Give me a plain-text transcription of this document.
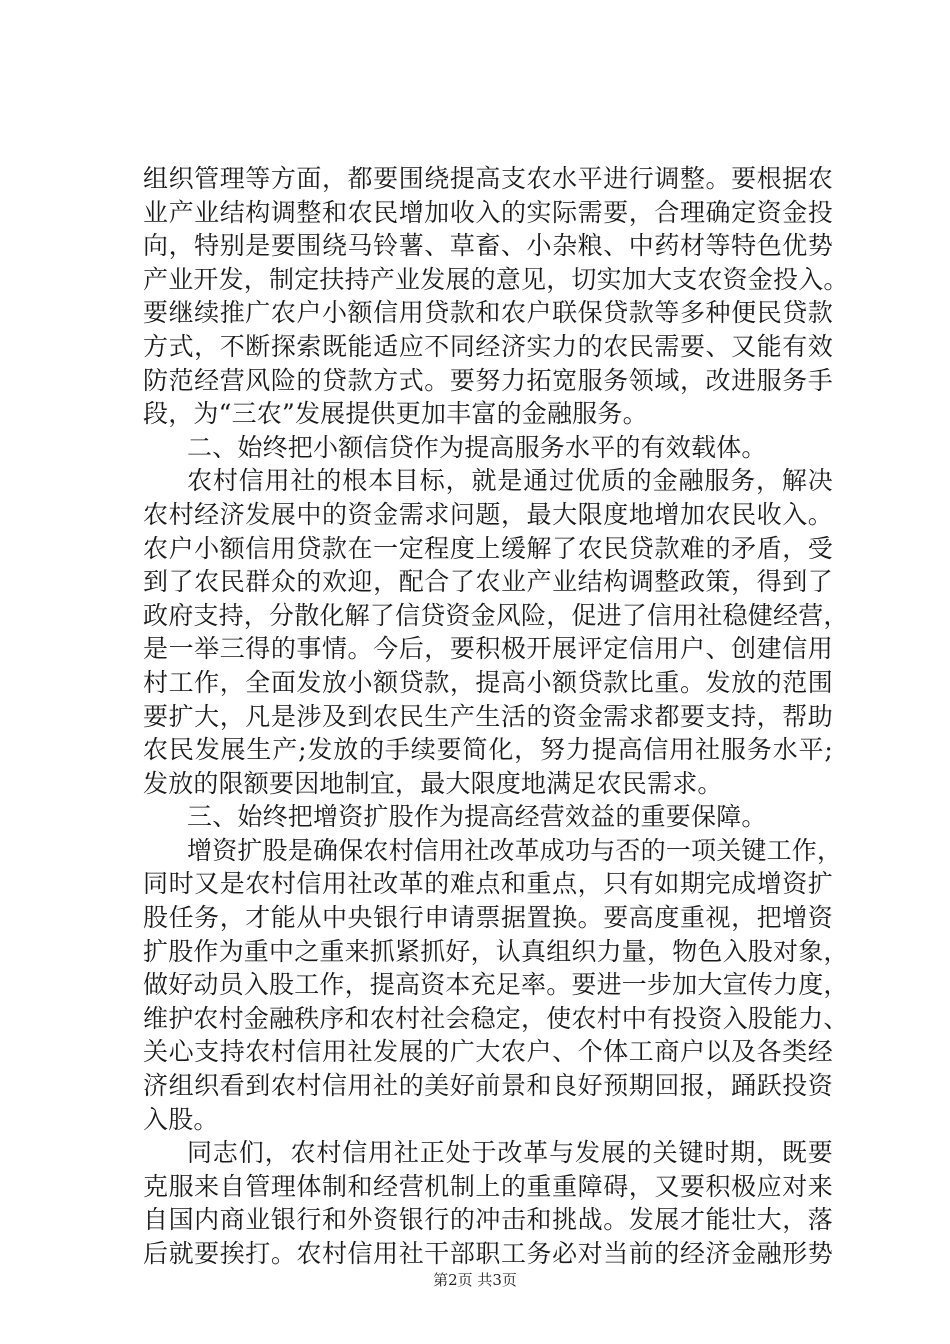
组织管理等方面，都要围绕提高支农水平进行调整。要根据农
业产业结构调整和农民增加收入的实际需要，合理确定资金投
向，特别是要围绕马铃薯、草畜、小杂粮、中药材等特色优势
产业开发，制定扶持产业发展的意见，切实加大支农资金投入。
要继续推广农户小额信用贷款和农户联保贷款等多种便民贷款
方式，不断探索既能适应不同经济实力的农民需要、又能有效
防范经营风险的贷款方式。要努力拓宽服务领域，改进服务手
段，为“三农”发展提供更加丰富的金融服务。
二、始终把小额信贷作为提高服务水平的有效载体。
农村信用社的根本目标，就是通过优质的金融服务，解决
农村经济发展中的资金需求问题，最大限度地增加农民收入。
农户小额信用贷款在一定程度上缓解了农民贷款难的矛盾，受
到了农民群众的欢迎，配合了农业产业结构调整政策，得到了
政府支持，分散化解了信贷资金风险，促进了信用社稳健经营，
是一举三得的事情。今后，要积极开展评定信用户、创建信用
村工作，全面发放小额贷款，提高小额贷款比重。发放的范围
要扩大，凡是涉及到农民生产生活的资金需求都要支持，帮助
农民发展生产;发放的手续要简化，努力提高信用社服务水平;
发放的限额要因地制宜，最大限度地满足农民需求。
三、始终把增资扩股作为提高经营效益的重要保障。
增资扩股是确保农村信用社改革成功与否的一项关键工作，
同时又是农村信用社改革的难点和重点，只有如期完成增资扩
股任务，才能从中央银行申请票据置换。要高度重视，把增资
扩股作为重中之重来抓紧抓好，认真组织力量，物色入股对象，
做好动员入股工作，提高资本充足率。要进一步加大宣传力度，
维护农村金融秩序和农村社会稳定，使农村中有投资入股能力、
关心支持农村信用社发展的广大农户、个体工商户以及各类经
济组织看到农村信用社的美好前景和良好预期回报，踊跃投资
入股。
同志们，农村信用社正处于改革与发展的关键时期，既要
克服来自管理体制和经营机制上的重重障碍，又要积极应对来
自国内商业银行和外资银行的冲击和挑战。发展才能壮大，落
后就要挨打。农村信用社干部职工务必对当前的经济金融形势
第2页 共3页
